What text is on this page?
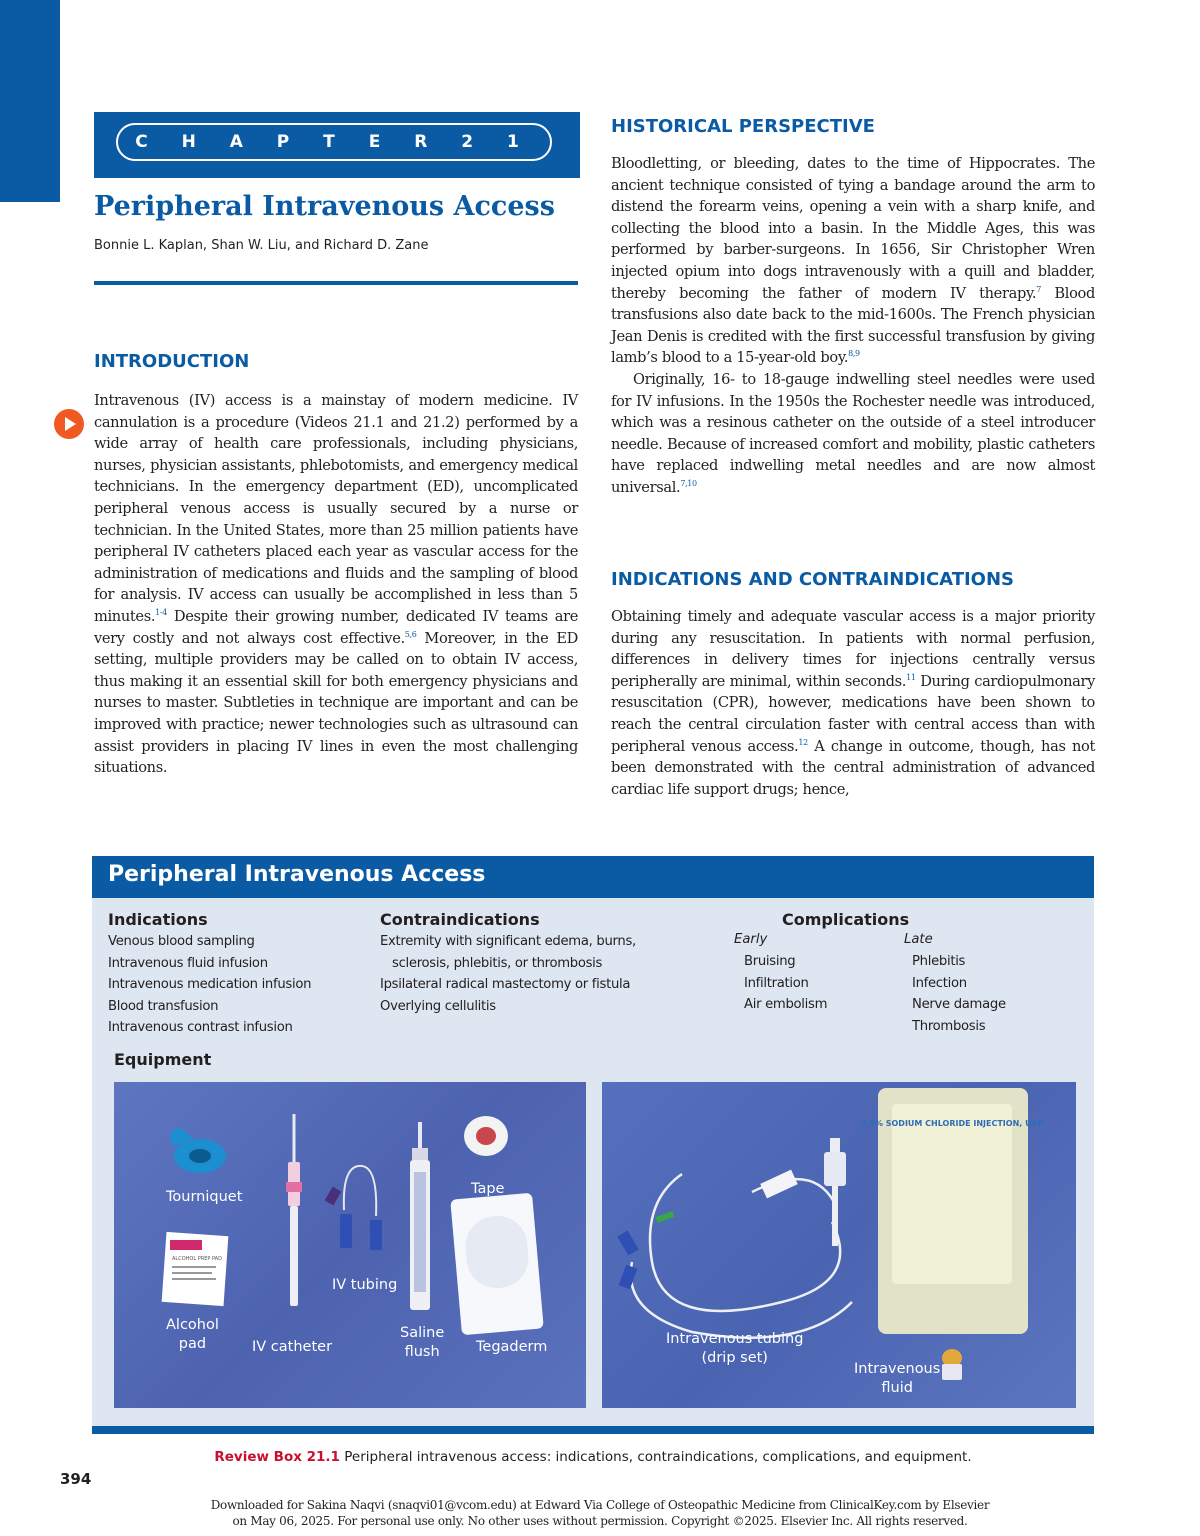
C H A P T E R 2 1
Peripheral Intravenous Access
Bonnie L. Kaplan, Shan W. Liu, and Richard D. Zane
INTRODUCTION

Intravenous (IV) access is a mainstay of modern medicine. IV cannulation is a procedure (Videos 21.1 and 21.2) performed by a wide array of health care professionals, including physicians, nurses, physician assistants, phlebotomists, and emergency medical technicians. In the emergency department (ED), uncomplicated peripheral venous access is usually secured by a nurse or technician. In the United States, more than 25 million patients have peripheral IV catheters placed each year as vascular access for the administration of medications and fluids and the sampling of blood for analysis. IV access can usually be accomplished in less than 5 minutes.$^{1-4}$ Despite their growing number, dedicated IV teams are very costly and not always cost effective.$^{5,6}$ Moreover, in the ED setting, multiple providers may be called on to obtain IV access, thus making it an essential skill for both emergency physicians and nurses to master. Subtleties in technique are important and can be improved with practice; newer technologies such as ultrasound can assist providers in placing IV lines in even the most challenging situations.

HISTORICAL PERSPECTIVE

Bloodletting, or bleeding, dates to the time of Hippocrates. The ancient technique consisted of tying a bandage around the arm to distend the forearm veins, opening a vein with a sharp knife, and collecting the blood into a basin. In the Middle Ages, this was performed by barber-surgeons. In 1656, Sir Christopher Wren injected opium into dogs intravenously with a quill and bladder, thereby becoming the father of modern IV therapy.$^7$ Blood transfusions also date back to the mid-1600s. The French physician Jean Denis is credited with the first successful transfusion by giving lamb’s blood to a 15-year-old boy.$^{8,9}$

Originally, 16- to 18-gauge indwelling steel needles were used for IV infusions. In the 1950s the Rochester needle was introduced, which was a resinous catheter on the outside of a steel introducer needle. Because of increased comfort and mobility, plastic catheters have replaced indwelling metal needles and are now almost universal.$^{7,10}$

INDICATIONS AND CONTRAINDICATIONS

Obtaining timely and adequate vascular access is a major priority during any resuscitation. In patients with normal perfusion, differences in delivery times for injections centrally versus peripherally are minimal, within seconds.$^{11}$ During cardiopulmonary resuscitation (CPR), however, medications have been shown to reach the central circulation faster with central access than with peripheral venous access.$^{12}$ A change in outcome, though, has not been demonstrated with the central administration of advanced cardiac life support drugs; hence,

Peripheral Intravenous Access
Indications
Venous blood sampling
Intravenous fluid infusion
Intravenous medication infusion
Blood transfusion
Intravenous contrast infusion
Contraindications
Extremity with significant edema, burns,
sclerosis, phlebitis, or thrombosis
Ipsilateral radical mastectomy or fistula
Overlying cellulitis
Complications
Early
Bruising
Infiltration
Air embolism
Late
Phlebitis
Infection
Nerve damage
Thrombosis
Equipment
ALCOHOL PREP PAD
Tourniquet	Tape
IV tubing
Alcohol
pad	IV catheter
Saline
flush	Tegaderm
0.9% SODIUM CHLORIDE INJECTION, USP
Intravenous tubing
(drip set)
Intravenous
fluid
Review Box 21.1 Peripheral intravenous access: indications, contraindications, complications, and equipment.
394
Downloaded for Sakina Naqvi (snaqvi01@vcom.edu) at Edward Via College of Osteopathic Medicine from ClinicalKey.com by Elsevier
on May 06, 2025. For personal use only. No other uses without permission. Copyright ©2025. Elsevier Inc. All rights reserved.
